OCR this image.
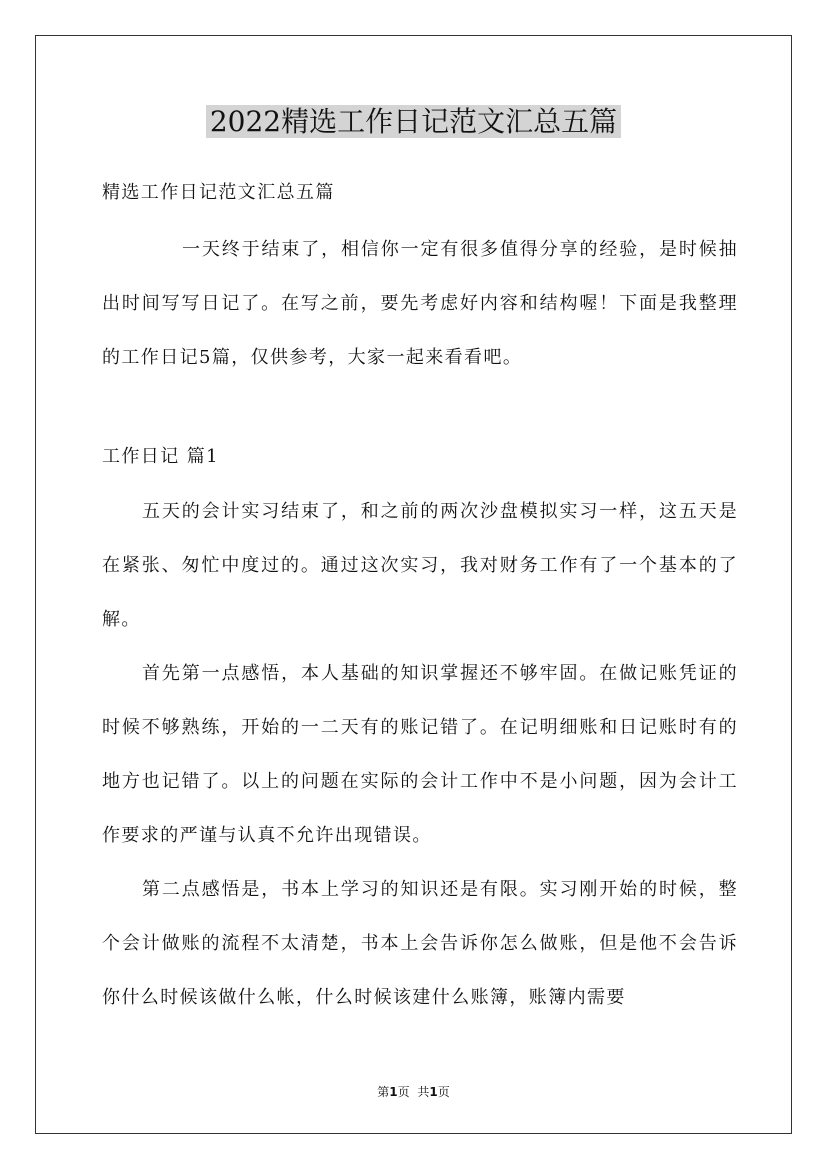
2022精选工作日记范文汇总五篇

精选工作日记范文汇总五篇

一天终于结束了，相信你一定有很多值得分享的经验，是时候抽出时间写写日记了。在写之前，要先考虑好内容和结构喔！下面是我整理的工作日记5篇，仅供参考，大家一起来看看吧。

工作日记 篇1

五天的会计实习结束了，和之前的两次沙盘模拟实习一样，这五天是在紧张、匆忙中度过的。通过这次实习，我对财务工作有了一个基本的了解。

首先第一点感悟，本人基础的知识掌握还不够牢固。在做记账凭证的时候不够熟练，开始的一二天有的账记错了。在记明细账和日记账时有的地方也记错了。以上的问题在实际的会计工作中不是小问题，因为会计工作要求的严谨与认真不允许出现错误。

第二点感悟是，书本上学习的知识还是有限。实习刚开始的时候，整个会计做账的流程不太清楚，书本上会告诉你怎么做账，但是他不会告诉你什么时候该做什么帐，什么时候该建什么账簿，账簿内需要

第1页 共1页
